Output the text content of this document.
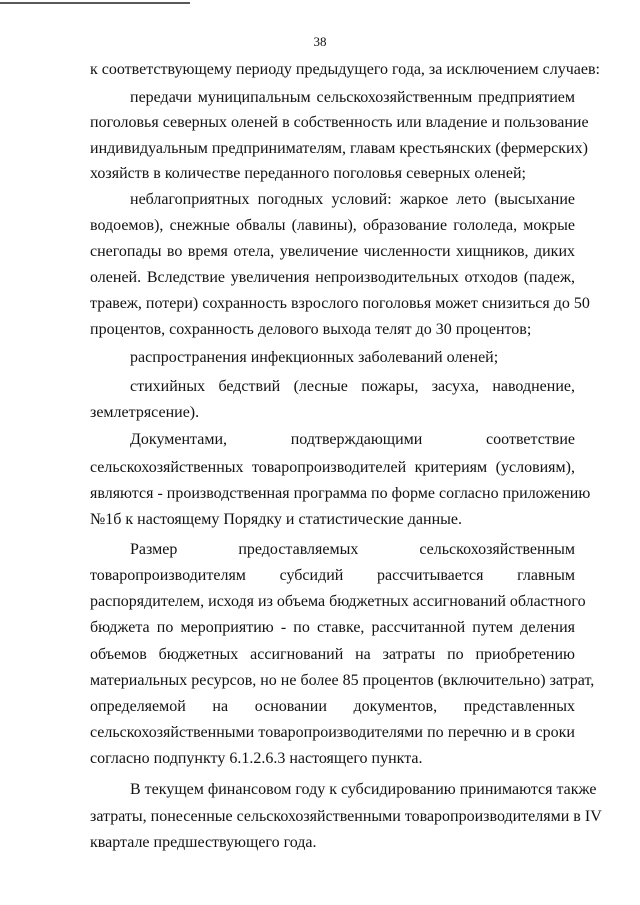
38
к соответствующему периоду предыдущего года, за исключением случаев:
передачи муниципальным сельскохозяйственным предприятием
поголовья северных оленей в собственность или владение и пользование
индивидуальным предпринимателям, главам крестьянских (фермерских)
хозяйств в количестве переданного поголовья северных оленей;
неблагоприятных погодных условий: жаркое лето (высыхание
водоемов), снежные обвалы (лавины), образование гололеда, мокрые
снегопады во время отела, увеличение численности хищников, диких
оленей. Вследствие увеличения непроизводительных отходов (падеж,
травеж, потери) сохранность взрослого поголовья может снизиться до 50
процентов, сохранность делового выхода телят до 30 процентов;
распространения инфекционных заболеваний оленей;
стихийных бедствий (лесные пожары, засуха, наводнение,
землетрясение).
Документами, подтверждающими соответствие
сельскохозяйственных товаропроизводителей критериям (условиям),
являются - производственная программа по форме согласно приложению
№1б к настоящему Порядку и статистические данные.
Размер предоставляемых сельскохозяйственным
товаропроизводителям субсидий рассчитывается главным
распорядителем, исходя из объема бюджетных ассигнований областного
бюджета по мероприятию - по ставке, рассчитанной путем деления
объемов бюджетных ассигнований на затраты по приобретению
материальных ресурсов, но не более 85 процентов (включительно) затрат,
определяемой на основании документов, представленных
сельскохозяйственными товаропроизводителями по перечню и в сроки
согласно подпункту 6.1.2.6.3 настоящего пункта.
В текущем финансовом году к субсидированию принимаются также
затраты, понесенные сельскохозяйственными товаропроизводителями в IV
квартале предшествующего года.
